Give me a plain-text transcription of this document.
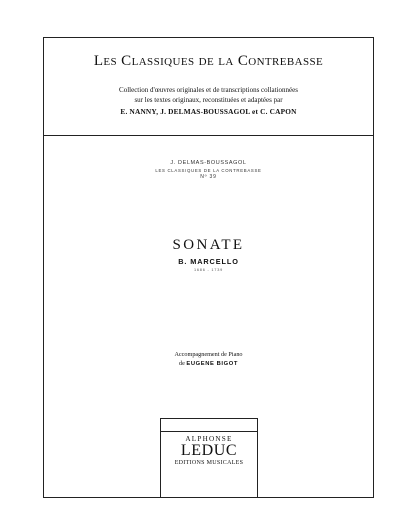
Les Classiques de la Contrebasse
Collection d'œuvres originales et de transcriptions collationnées
sur les textes originaux, reconstituées et adaptées par
E. NANNY, J. DELMAS-BOUSSAGOL et C. CAPON
J. DELMAS-BOUSSAGOL
LES CLASSIQUES DE LA CONTREBASSE
Nº 39
SONATE
B. MARCELLO
1686 - 1739
Accompagnement de Piano
de EUGENE BIGOT
ALPHONSE
LEDUC
EDITIONS MUSICALES
